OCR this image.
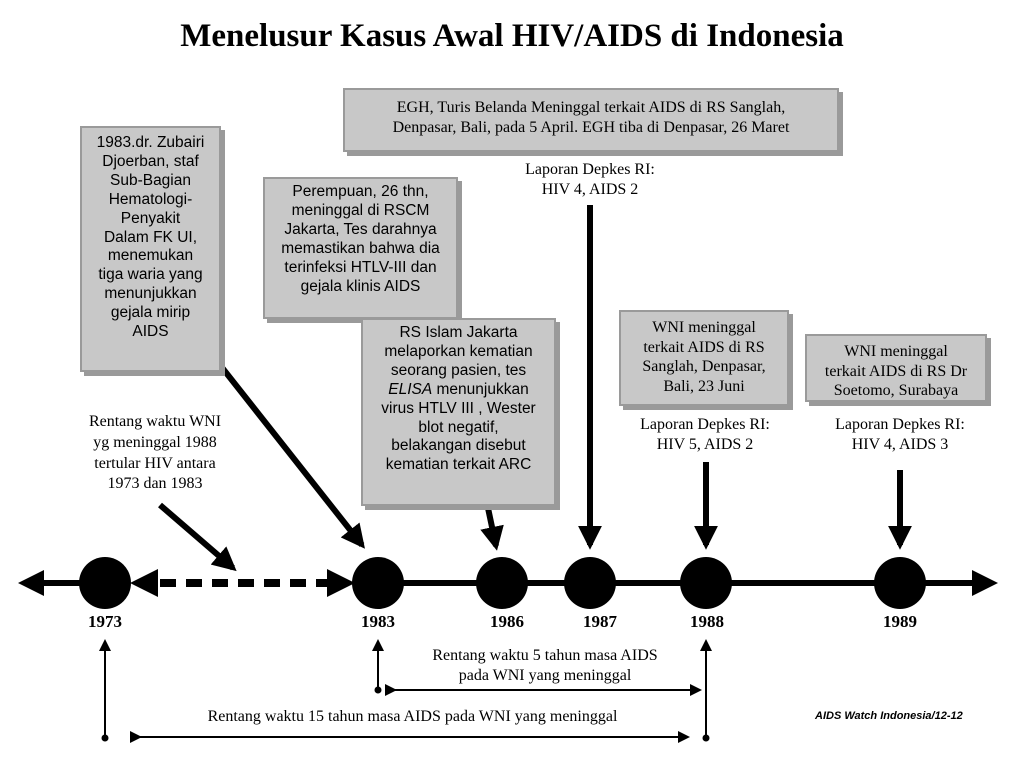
Menelusur Kasus Awal HIV/AIDS di Indonesia
1983.dr. Zubairi
Djoerban, staf
Sub-Bagian
Hematologi-
Penyakit
Dalam FK UI,
menemukan
tiga waria yang
menunjukkan
gejala mirip
AIDS
Perempuan, 26 thn,
meninggal di RSCM
Jakarta, Tes darahnya
memastikan bahwa dia
terinfeksi HTLV-III dan
gejala klinis AIDS
RS Islam Jakarta
melaporkan kematian
seorang pasien, tes
ELISA menunjukkan
virus HTLV III , Wester
blot negatif,
belakangan disebut
kematian terkait ARC
EGH, Turis Belanda Meninggal terkait AIDS di RS Sanglah,
Denpasar, Bali, pada 5 April. EGH tiba di Denpasar, 26 Maret
WNI meninggal
terkait AIDS di RS
Sanglah, Denpasar,
Bali, 23 Juni
WNI meninggal
terkait AIDS di RS Dr
Soetomo, Surabaya
Laporan Depkes RI:
HIV 4, AIDS 2
Laporan Depkes RI:
HIV 5, AIDS 2
Laporan Depkes RI:
HIV 4, AIDS 3
Rentang waktu WNI
yg meninggal 1988
tertular HIV antara
1973 dan 1983
Rentang waktu 5 tahun masa AIDS
pada WNI yang meninggal
Rentang waktu 15 tahun masa AIDS pada WNI yang meninggal
1973	1983	1986	1987	1988	1989
AIDS Watch Indonesia/12-12
